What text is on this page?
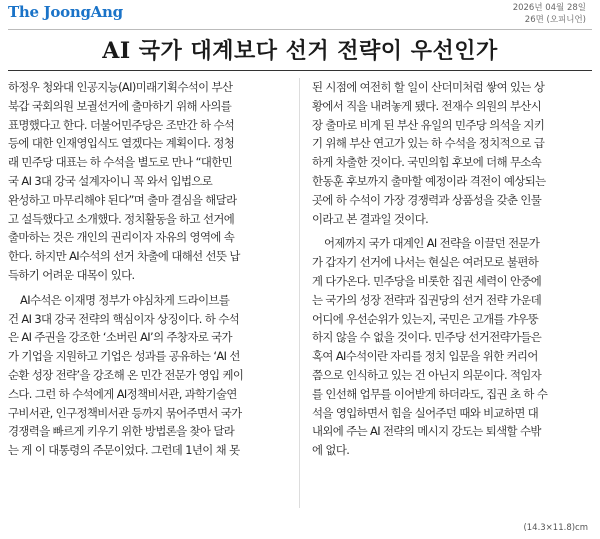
The JoongAng	2026년 04월 28일
26면 (오피니언)
AI 국가 대계보다 선거 전략이 우선인가
하정우 청와대 인공지능(AI)미래기획수석이 부산
북갑 국회의원 보궐선거에 출마하기 위해 사의를
표명했다고 한다. 더불어민주당은 조만간 하 수석
등에 대한 인재영입식도 열겠다는 계획이다. 정청
래 민주당 대표는 하 수석을 별도로 만나 “대한민
국 AI 3대 강국 설계자이니 꼭 와서 입법으로
완성하고 마무리해야 된다”며 출마 결심을 해달라
고 설득했다고 소개했다. 정치활동을 하고 선거에
출마하는 것은 개인의 권리이자 자유의 영역에 속
한다. 하지만 AI수석의 선거 차출에 대해선 선뜻 납
득하기 어려운 대목이 있다.
AI수석은 이재명 정부가 야심차게 드라이브를
건 AI 3대 강국 전략의 핵심이자 상징이다. 하 수석
은 AI 주권을 강조한 ‘소버린 AI’의 주창자로 국가
가 기업을 지원하고 기업은 성과를 공유하는 ‘AI 선
순환 성장 전략’을 강조해 온 민간 전문가 영입 케이
스다. 그런 하 수석에게 AI정책비서관, 과학기술연
구비서관, 인구정책비서관 등까지 묶어주면서 국가
경쟁력을 빠르게 키우기 위한 방법론을 찾아 달라
는 게 이 대통령의 주문이었다. 그런데 1년이 채 못
된 시점에 여전히 할 일이 산더미처럼 쌓여 있는 상
황에서 직을 내려놓게 됐다. 전재수 의원의 부산시
장 출마로 비게 된 부산 유일의 민주당 의석을 지키
기 위해 부산 연고가 있는 하 수석을 정치적으로 급
하게 차출한 것이다. 국민의힘 후보에 더해 무소속
한동훈 후보까지 출마할 예정이라 격전이 예상되는
곳에 하 수석이 가장 경쟁력과 상품성을 갖춘 인물
이라고 본 결과일 것이다.
어제까지 국가 대계인 AI 전략을 이끌던 전문가
가 갑자기 선거에 나서는 현실은 여러모로 불편하
게 다가온다. 민주당을 비롯한 집권 세력이 안중에
는 국가의 성장 전략과 집권당의 선거 전략 가운데
어디에 우선순위가 있는지, 국민은 고개를 갸우뚱
하지 않을 수 없을 것이다. 민주당 선거전략가들은
혹여 AI수석이란 자리를 정치 입문을 위한 커리어
쯤으로 인식하고 있는 건 아닌지 의문이다. 적임자
를 인선해 업무를 이어받게 하더라도, 집권 초 하 수
석을 영입하면서 힘을 실어주던 때와 비교하면 대
내외에 주는 AI 전략의 메시지 강도는 퇴색할 수밖
에 없다.
(14.3×11.8)cm
